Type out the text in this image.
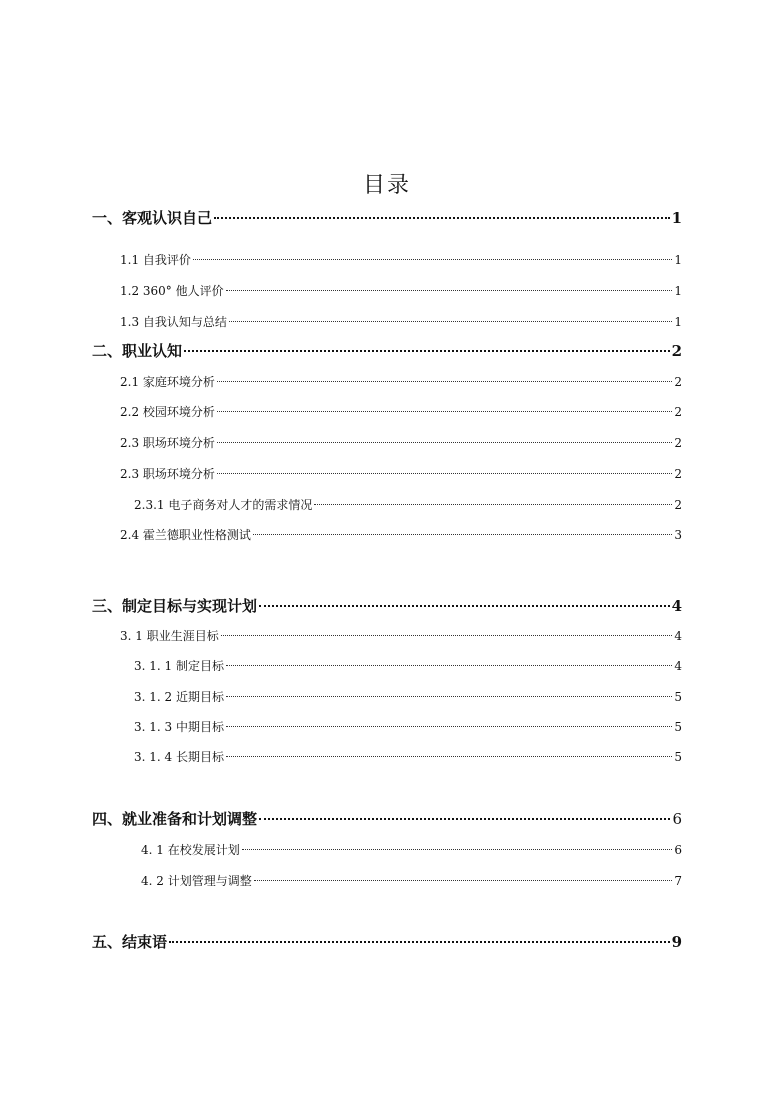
目录
一、客观认识自己	1
1.1 自我评价	1
1.2 360° 他人评价	1
1.3 自我认知与总结	1
二、职业认知	2
2.1 家庭环境分析	2
2.2 校园环境分析	2
2.3 职场环境分析	2
2.3 职场环境分析	2
2.3.1 电子商务对人才的需求情况	2
2.4 霍兰德职业性格测试	3
三、制定目标与实现计划	4
3. 1 职业生涯目标	4
3. 1. 1 制定目标	4
3. 1. 2 近期目标	5
3. 1. 3 中期目标	5
3. 1. 4 长期目标	5
四、就业准备和计划调整	6
4. 1 在校发展计划	6
4. 2 计划管理与调整	7
五、结束语	9
